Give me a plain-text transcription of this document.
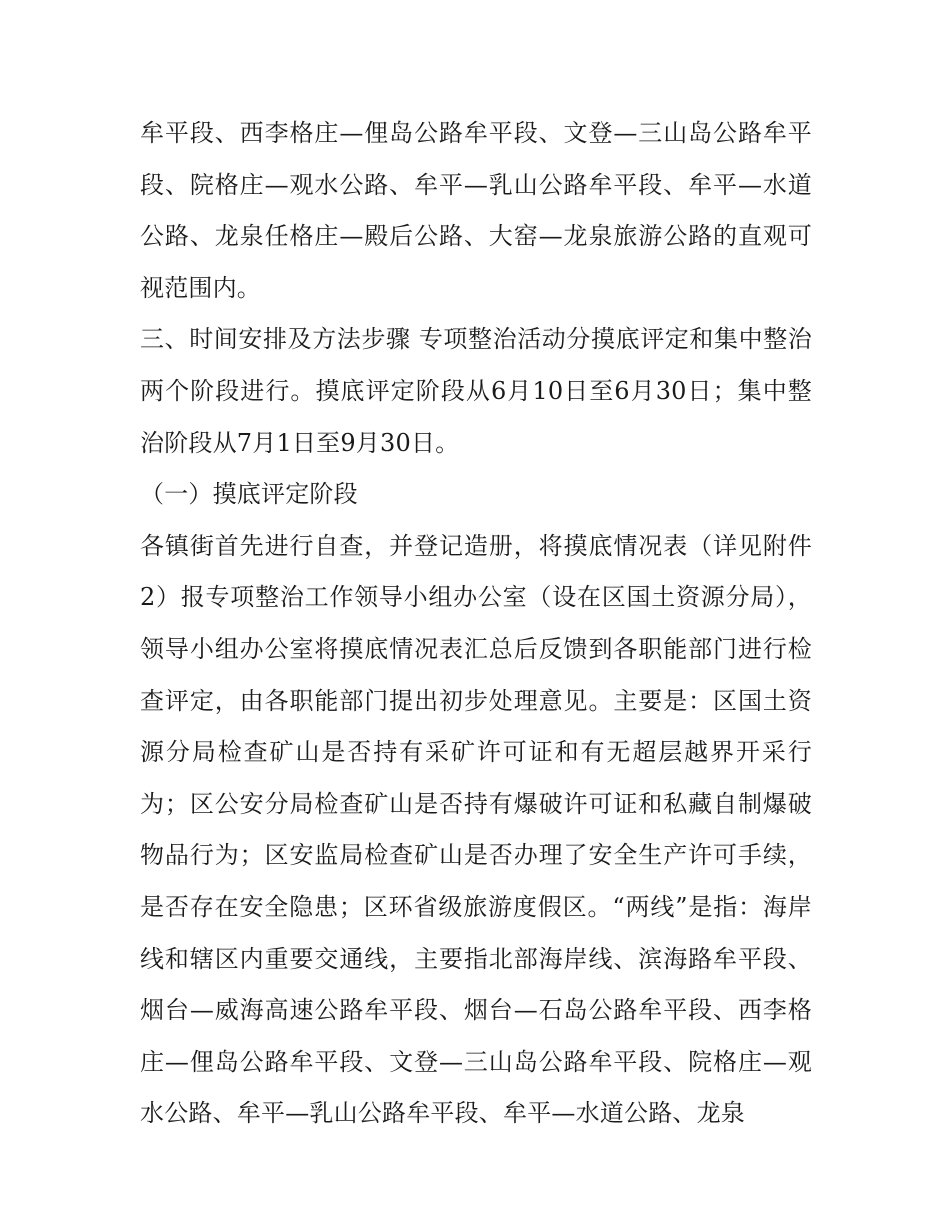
牟平段、西李格庄—俚岛公路牟平段、文登—三山岛公路牟平段、院格庄—观水公路、牟平—乳山公路牟平段、牟平—水道公路、龙泉任格庄—殿后公路、大窑—龙泉旅游公路的直观可视范围内。

三、时间安排及方法步骤 专项整治活动分摸底评定和集中整治两个阶段进行。摸底评定阶段从6月10日至6月30日；集中整治阶段从7月1日至9月30日。

（一）摸底评定阶段

各镇街首先进行自查，并登记造册，将摸底情况表（详见附件2）报专项整治工作领导小组办公室（设在区国土资源分局），领导小组办公室将摸底情况表汇总后反馈到各职能部门进行检查评定，由各职能部门提出初步处理意见。主要是：区国土资源分局检查矿山是否持有采矿许可证和有无超层越界开采行为；区公安分局检查矿山是否持有爆破许可证和私藏自制爆破物品行为；区安监局检查矿山是否办理了安全生产许可手续，是否存在安全隐患；区环省级旅游度假区。“两线”是指：海岸线和辖区内重要交通线，主要指北部海岸线、滨海路牟平段、烟台—威海高速公路牟平段、烟台—石岛公路牟平段、西李格庄—俚岛公路牟平段、文登—三山岛公路牟平段、院格庄—观水公路、牟平—乳山公路牟平段、牟平—水道公路、龙泉
